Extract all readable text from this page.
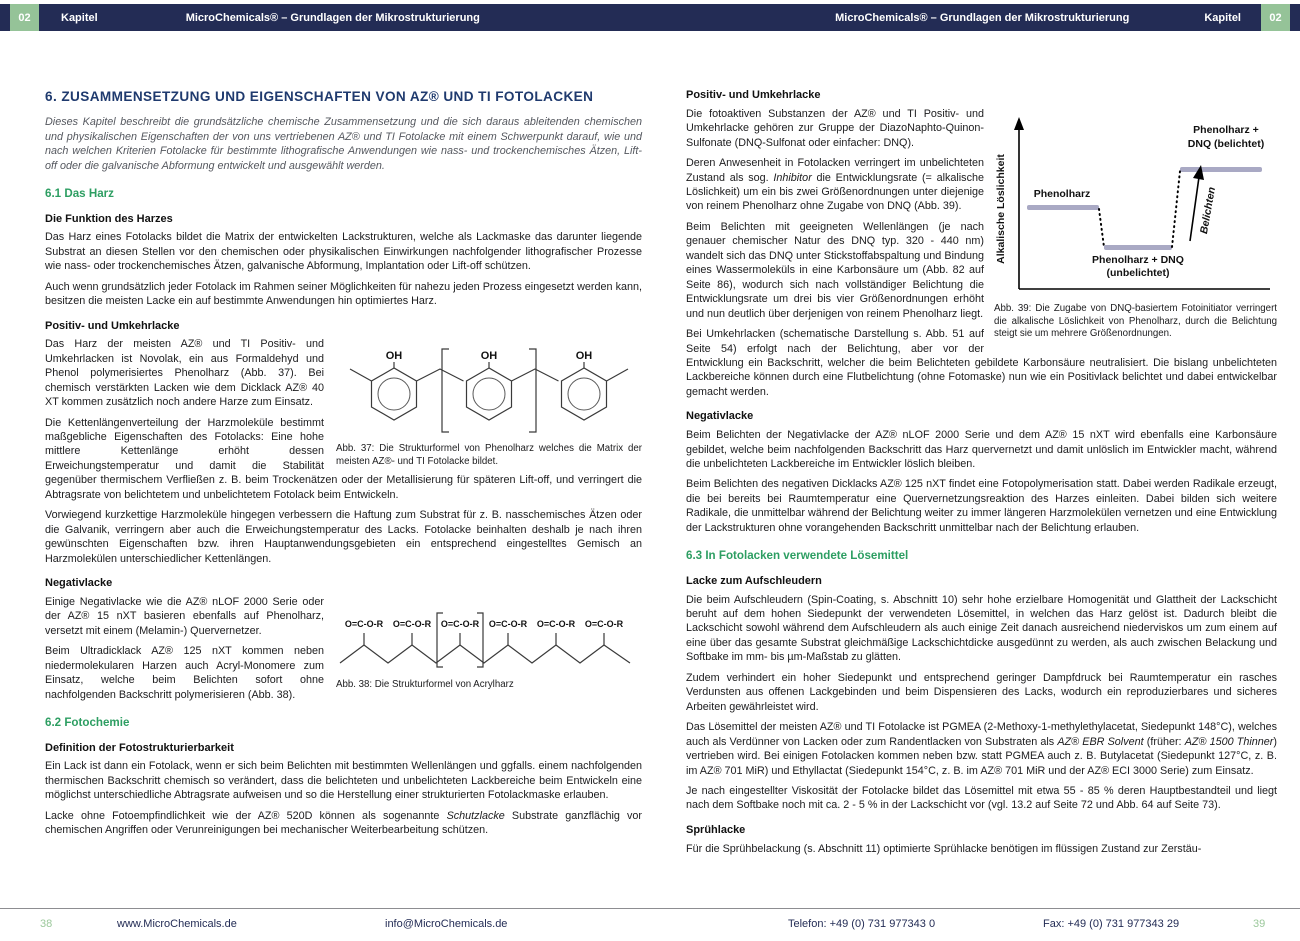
02	Kapitel	MicroChemicals® – Grundlagen der Mikrostrukturierung	MicroChemicals® – Grundlagen der Mikrostrukturierung	Kapitel	02
6. ZUSAMMENSETZUNG UND EIGENSCHAFTEN VON AZ® UND TI FOTOLACKEN

Dieses Kapitel beschreibt die grundsätzliche chemische Zusammensetzung und die sich daraus ableitenden chemischen und physikalischen Eigenschaften der von uns vertriebenen AZ® und TI Fotolacke mit einem Schwerpunkt darauf, wie und nach welchen Kriterien Fotolacke für bestimmte lithografische Anwendungen wie nass- und trockenchemisches Ätzen, Lift-off oder die galvanische Abformung entwickelt und ausgewählt werden.

6.1 Das Harz
Die Funktion des Harzes

Das Harz eines Fotolacks bildet die Matrix der entwickelten Lackstrukturen, welche als Lackmaske das darunter liegende Substrat an diesen Stellen vor den chemischen oder physikalischen Einwirkungen nachfolgender lithografischer Prozesse wie nass- oder trockenchemisches Ätzen, galvanische Abformung, Implantation oder Lift-off schützen.

Auch wenn grundsätzlich jeder Fotolack im Rahmen seiner Möglichkeiten für nahezu jeden Prozess eingesetzt werden kann, besitzen die meisten Lacke ein auf bestimmte Anwendungen hin optimiertes Harz.

Positiv- und Umkehrlacke
OH	OH	OH
Abb. 37: Die Strukturformel von Phenolharz welches die Matrix der meisten AZ®- und TI Fotolacke bildet.

Das Harz der meisten AZ® und TI Positiv- und Umkehrlacken ist Novolak, ein aus Formaldehyd und Phenol polymerisiertes Phenolharz (Abb. 37). Bei chemisch verstärkten Lacken wie dem Dicklack AZ® 40 XT kommen zusätzlich noch andere Harze zum Einsatz.

Die Kettenlängenverteilung der Harzmoleküle bestimmt maßgebliche Eigenschaften des Fotolacks: Eine hohe mittlere Kettenlänge erhöht dessen Erweichungstemperatur und damit die Stabilität gegenüber thermischem Verfließen z. B. beim Trockenätzen oder der Metallisierung für späteren Lift-off, und verringert die Abtragsrate von belichtetem und unbelichtetem Fotolack beim Entwickeln.

Vorwiegend kurzkettige Harzmoleküle hingegen verbessern die Haftung zum Substrat für z. B. nasschemisches Ätzen oder die Galvanik, verringern aber auch die Erweichungstemperatur des Lacks. Fotolacke beinhalten deshalb je nach ihren gewünschten Eigenschaften bzw. ihren Hauptanwendungsgebieten ein entsprechend eingestelltes Gemisch an Harzmolekülen unterschiedlicher Kettenlängen.

Negativlacke
O=C-O-R O=C-O-R O=C-O-R O=C-O-R O=C-O-R O=C-O-R
Abb. 38: Die Strukturformel von Acrylharz

Einige Negativlacke wie die AZ® nLOF 2000 Serie oder der AZ® 15 nXT basieren ebenfalls auf Phenolharz, versetzt mit einem (Melamin-) Quervernetzer.

Beim Ultradicklack AZ® 125 nXT kommen neben niedermolekularen Harzen auch Acryl-Monomere zum Einsatz, welche beim Belichten sofort ohne nachfolgenden Backschritt polymerisieren (Abb. 38).

6.2 Fotochemie
Definition der Fotostrukturierbarkeit

Ein Lack ist dann ein Fotolack, wenn er sich beim Belichten mit bestimmten Wellenlängen und ggfalls. einem nachfolgenden thermischen Backschritt chemisch so verändert, dass die belichteten und unbelichteten Lackbereiche beim Entwickeln eine möglichst unterschiedliche Abtragsrate aufweisen und so die Herstellung einer strukturierten Fotolackmaske erlauben.

Lacke ohne Fotoempfindlichkeit wie der AZ® 520D können als sogenannte Schutzlacke Substrate ganzflächig vor chemischen Angriffen oder Verunreinigungen bei mechanischer Weiterbearbeitung schützen.

Positiv- und Umkehrlacke
Alkalische Löslichkeit	Belichten
Phenolharz
Phenolharz + DNQ
(unbelichtet)
Phenolharz +
DNQ (belichtet)
Abb. 39: Die Zugabe von DNQ-basiertem Fotoinitiator verringert die alkalische Löslichkeit von Phenolharz, durch die Belichtung steigt sie um mehrere Größenordnungen.

Die fotoaktiven Substanzen der AZ® und TI Positiv- und Umkehrlacke gehören zur Gruppe der DiazoNaphto-Quinon-Sulfonate (DNQ-Sulfonat oder einfacher: DNQ).

Deren Anwesenheit in Fotolacken verringert im unbelichteten Zustand als sog. Inhibitor die Entwicklungsrate (= alkalische Löslichkeit) um ein bis zwei Größenordnungen unter diejenige von reinem Phenolharz ohne Zugabe von DNQ (Abb. 39).

Beim Belichten mit geeigneten Wellenlängen (je nach genauer chemischer Natur des DNQ typ. 320 - 440 nm) wandelt sich das DNQ unter Stickstoffabspaltung und Bindung eines Wassermoleküls in eine Karbonsäure um (Abb. 82 auf Seite 86), wodurch sich nach vollständiger Belichtung die Entwicklungsrate um drei bis vier Größenordnungen erhöht und nun deutlich über derjenigen von reinem Phenolharz liegt.

Bei Umkehrlacken (schematische Darstellung s. Abb. 51 auf Seite 54) erfolgt nach der Belichtung, aber vor der Entwicklung ein Backschritt, welcher die beim Belichteten gebildete Karbonsäure neutralisiert. Die bislang unbelichteten Lackbereiche können durch eine Flutbelichtung (ohne Fotomaske) nun wie ein Positivlack belichtet und dabei entwickelbar gemacht werden.

Negativlacke

Beim Belichten der Negativlacke der AZ® nLOF 2000 Serie und dem AZ® 15 nXT wird ebenfalls eine Karbonsäure gebildet, welche beim nachfolgenden Backschritt das Harz quervernetzt und damit unlöslich im Entwickler macht, während die unbelichteten Lackbereiche im Entwickler löslich bleiben.

Beim Belichten des negativen Dicklacks AZ® 125 nXT findet eine Fotopolymerisation statt. Dabei werden Radikale erzeugt, die bei bereits bei Raumtemperatur eine Quervernetzungsreaktion des Harzes einleiten. Dabei bilden sich weitere Radikale, die unmittelbar während der Belichtung weiter zu immer längeren Harzmolekülen vernetzen und eine Entwicklung der Lackstrukturen ohne vorangehenden Backschritt unmittelbar nach der Belichtung erlauben.

6.3 In Fotolacken verwendete Lösemittel
Lacke zum Aufschleudern

Die beim Aufschleudern (Spin-Coating, s. Abschnitt 10) sehr hohe erzielbare Homogenität und Glattheit der Lackschicht beruht auf dem hohen Siedepunkt der verwendeten Lösemittel, in welchen das Harz gelöst ist. Dadurch bleibt die Lackschicht sowohl während dem Aufschleudern als auch einige Zeit danach ausreichend niederviskos um zum einem auf eine über das gesamte Substrat gleichmäßige Lackschichtdicke ausgedünnt zu werden, als auch zwischen Belackung und Softbake im mm- bis µm-Maßstab zu glätten.

Zudem verhindert ein hoher Siedepunkt und entsprechend geringer Dampfdruck bei Raumtemperatur ein rasches Verdunsten aus offenen Lackgebinden und beim Dispensieren des Lacks, wodurch ein reproduzierbares und sicheres Arbeiten gewährleistet wird.

Das Lösemittel der meisten AZ® und TI Fotolacke ist PGMEA (2-Methoxy-1-methylethylacetat, Siedepunkt 148°C), welches auch als Verdünner von Lacken oder zum Randentlacken von Substraten als AZ® EBR Solvent (früher: AZ® 1500 Thinner) vertrieben wird. Bei einigen Fotolacken kommen neben bzw. statt PGMEA auch z. B. Butylacetat (Siedepunkt 127°C, z. B. im AZ® 701 MiR) und Ethyllactat (Siedepunkt 154°C, z. B. im AZ® 701 MiR und der AZ® ECI 3000 Serie) zum Einsatz.

Je nach eingestellter Viskosität der Fotolacke bildet das Lösemittel mit etwa 55 - 85 % deren Hauptbestandteil und liegt nach dem Softbake noch mit ca. 2 - 5 % in der Lackschicht vor (vgl. 13.2 auf Seite 72 und Abb. 64 auf Seite 73).

Sprühlacke

Für die Sprühbelackung (s. Abschnitt 11) optimierte Sprühlacke benötigen im flüssigen Zustand zur Zerstäu-

38	www.MicroChemicals.de	info@MicroChemicals.de	Telefon: +49 (0) 731 977343 0	Fax: +49 (0) 731 977343 29	39
